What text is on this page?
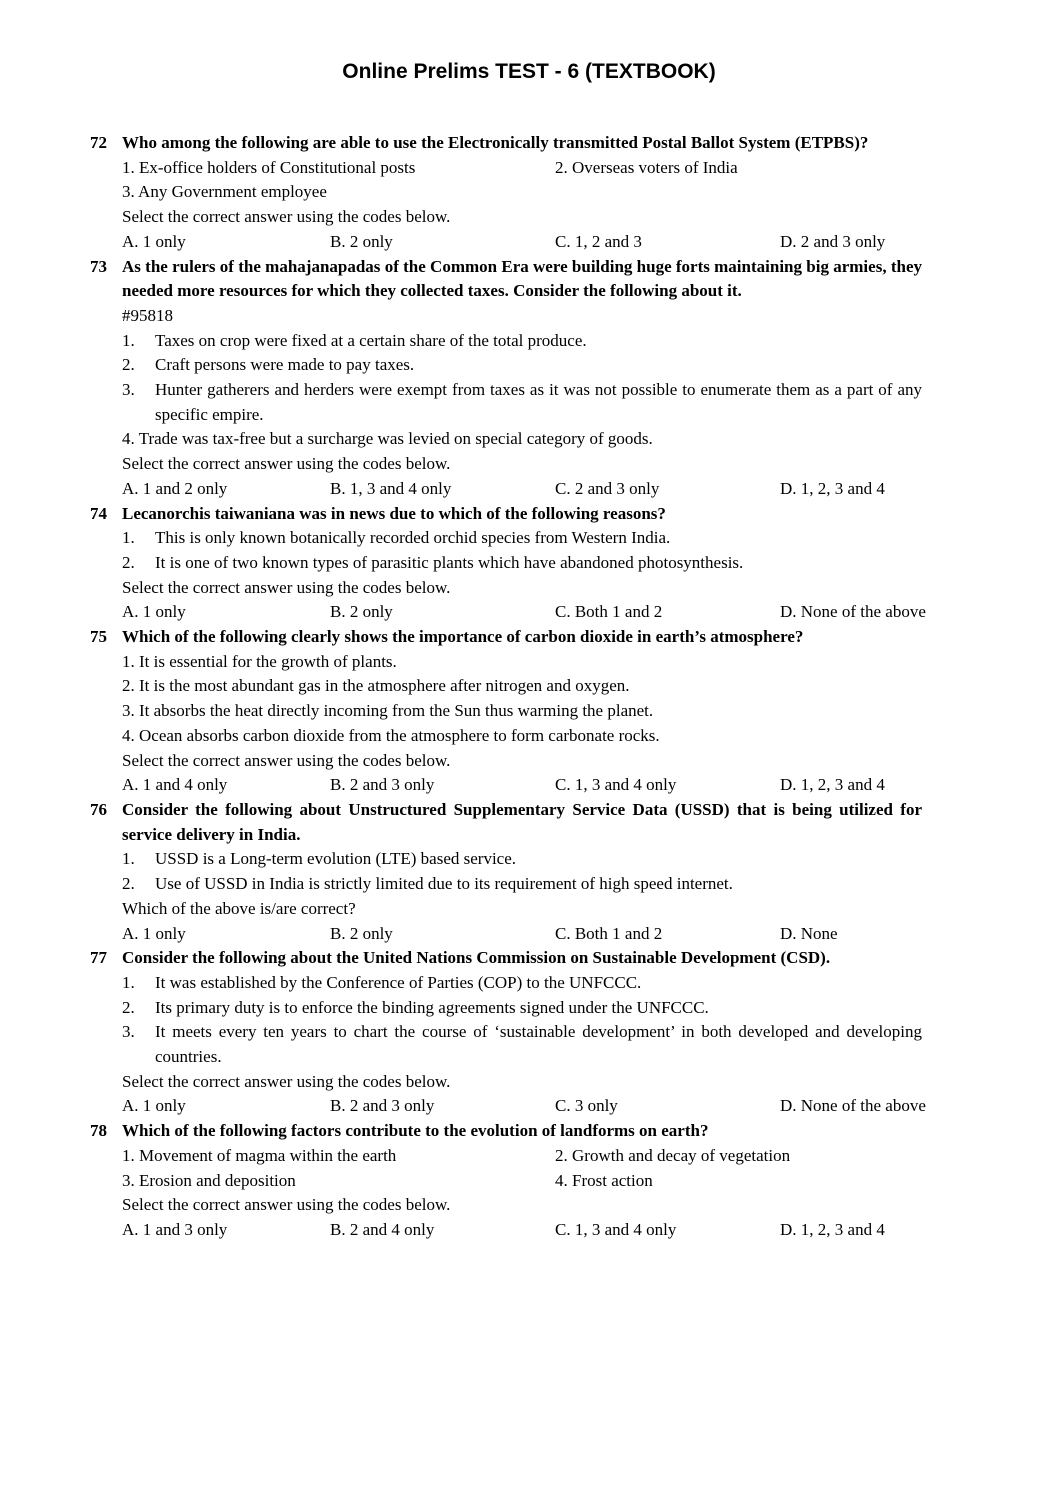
Online Prelims TEST - 6 (TEXTBOOK)
72 Who among the following are able to use the Electronically transmitted Postal Ballot System (ETPBS)?
1. Ex-office holders of Constitutional posts	2. Overseas voters of India
3. Any Government employee
Select the correct answer using the codes below.
A. 1 only	B. 2 only	C. 1, 2 and 3	D. 2 and 3 only
73 As the rulers of the mahajanapadas of the Common Era were building huge forts maintaining big armies, they needed more resources for which they collected taxes. Consider the following about it.
#95818
1.	Taxes on crop were fixed at a certain share of the total produce.
2.	Craft persons were made to pay taxes.
3.	Hunter gatherers and herders were exempt from taxes as it was not possible to enumerate them as a part of any specific empire.
4. Trade was tax-free but a surcharge was levied on special category of goods.
Select the correct answer using the codes below.
A. 1 and 2 only	B. 1, 3 and 4 only	C. 2 and 3 only	D. 1, 2, 3 and 4
74 Lecanorchis taiwaniana was in news due to which of the following reasons?
1.	This is only known botanically recorded orchid species from Western India.
2.	It is one of two known types of parasitic plants which have abandoned photosynthesis.
Select the correct answer using the codes below.
A. 1 only	B. 2 only	C. Both 1 and 2	D. None of the above
75 Which of the following clearly shows the importance of carbon dioxide in earth’s atmosphere?
1. It is essential for the growth of plants.
2. It is the most abundant gas in the atmosphere after nitrogen and oxygen.
3. It absorbs the heat directly incoming from the Sun thus warming the planet.
4. Ocean absorbs carbon dioxide from the atmosphere to form carbonate rocks.
Select the correct answer using the codes below.
A. 1 and 4 only	B. 2 and 3 only	C. 1, 3 and 4 only	D. 1, 2, 3 and 4
76 Consider the following about Unstructured Supplementary Service Data (USSD) that is being utilized for service delivery in India.
1.	USSD is a Long-term evolution (LTE) based service.
2.	Use of USSD in India is strictly limited due to its requirement of high speed internet.
Which of the above is/are correct?
A. 1 only	B. 2 only	C. Both 1 and 2	D. None
77 Consider the following about the United Nations Commission on Sustainable Development (CSD).
1.	It was established by the Conference of Parties (COP) to the UNFCCC.
2.	Its primary duty is to enforce the binding agreements signed under the UNFCCC.
3.	It meets every ten years to chart the course of ‘sustainable development’ in both developed and developing countries.
Select the correct answer using the codes below.
A. 1 only	B. 2 and 3 only	C. 3 only	D. None of the above
78 Which of the following factors contribute to the evolution of landforms on earth?
1. Movement of magma within the earth	2. Growth and decay of vegetation
3. Erosion and deposition	4. Frost action
Select the correct answer using the codes below.
A. 1 and 3 only	B. 2 and 4 only	C. 1, 3 and 4 only	D. 1, 2, 3 and 4
